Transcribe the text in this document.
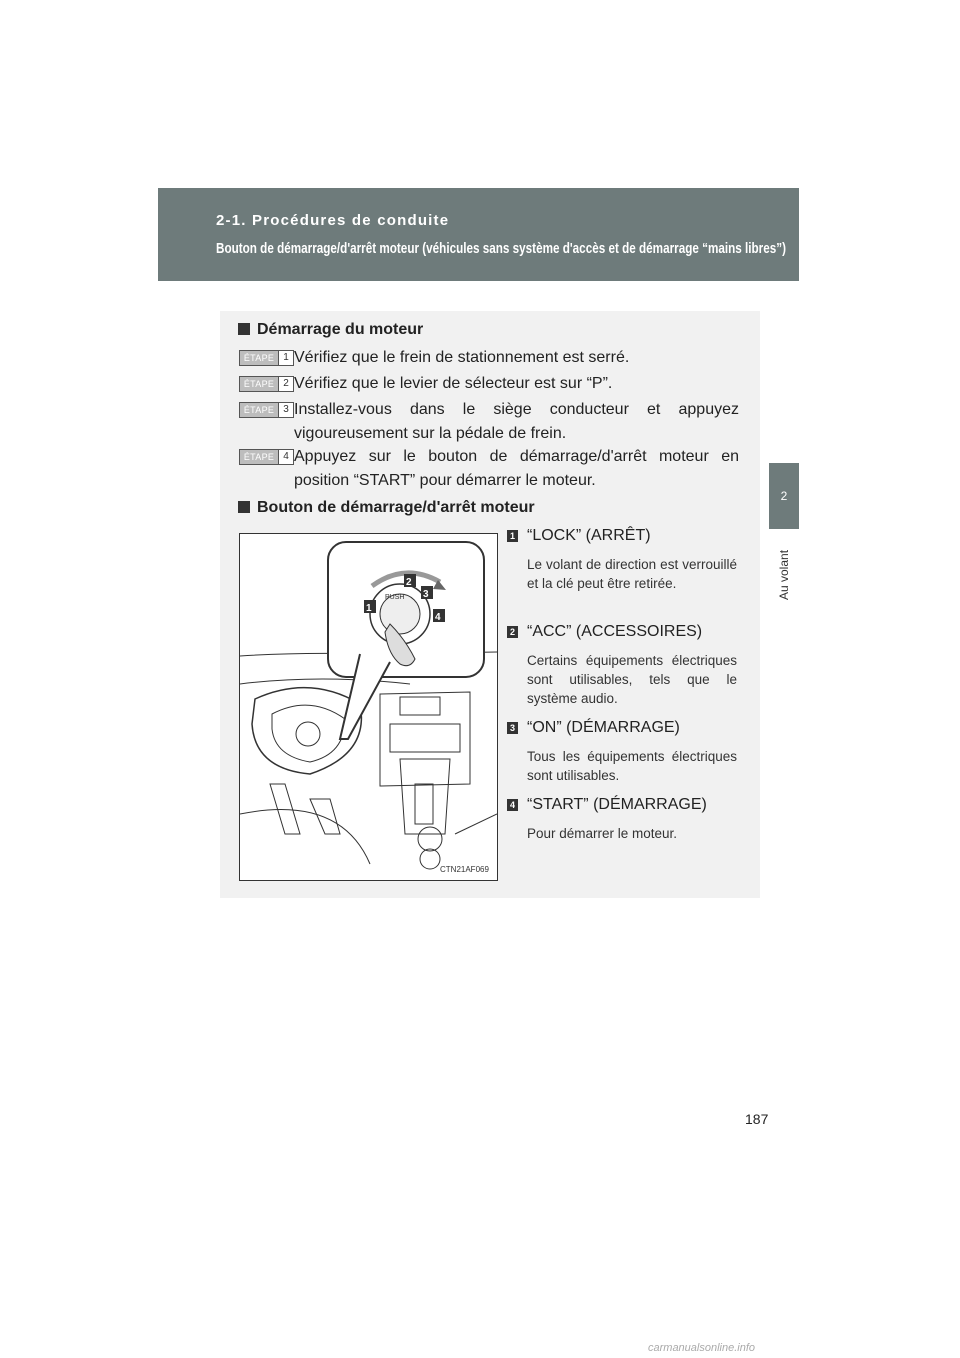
2-1. Procédures de conduite
Bouton de démarrage/d'arrêt moteur (véhicules sans système d'accès et de démarrage “mains libres”)
2
Au volant
Démarrage du moteur
ÉTAPE 1 Vérifiez que le frein de stationnement est serré.
ÉTAPE 2 Vérifiez que le levier de sélecteur est sur “P”.
ÉTAPE 3 Installez-vous dans le siège conducteur et appuyez vigoureusement sur la pédale de frein.
ÉTAPE 4 Appuyez sur le bouton de démarrage/d'arrêt moteur en position “START” pour démarrer le moteur.
Bouton de démarrage/d'arrêt moteur
PUSH
1
2
3
4
CTN21AF069
1 “LOCK” (ARRÊT)
Le volant de direction est verrouillé et la clé peut être retirée.
2 “ACC” (ACCESSOIRES)
Certains équipements électriques sont utilisables, tels que le système audio.
3 “ON” (DÉMARRAGE)
Tous les équipements électriques sont utilisables.
4 “START” (DÉMARRAGE)
Pour démarrer le moteur.
187
carmanualsonline.info
